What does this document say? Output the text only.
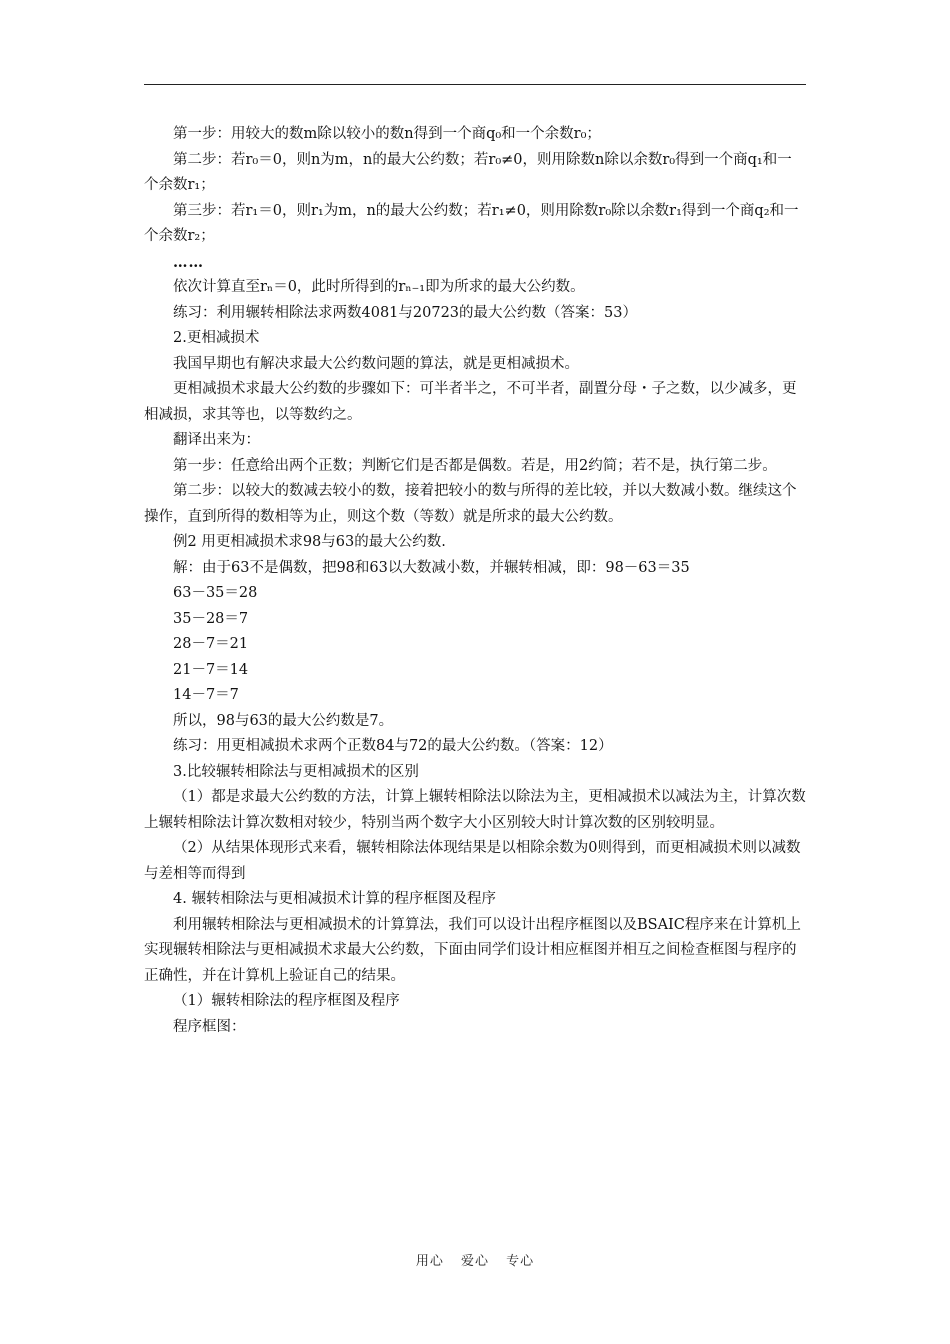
第一步：用较大的数m除以较小的数n得到一个商q₀和一个余数r₀；

第二步：若r₀＝0，则n为m，n的最大公约数；若r₀≠0，则用除数n除以余数r₀得到一个商q₁和一个余数r₁；

第三步：若r₁＝0，则r₁为m，n的最大公约数；若r₁≠0，则用除数r₀除以余数r₁得到一个商q₂和一个余数r₂；

……

依次计算直至rₙ＝0，此时所得到的rₙ₋₁即为所求的最大公约数。

练习：利用辗转相除法求两数4081与20723的最大公约数（答案：53）

2.更相减损术

我国早期也有解决求最大公约数问题的算法，就是更相减损术。

更相减损术求最大公约数的步骤如下：可半者半之，不可半者，副置分母・子之数，以少减多，更相减损，求其等也，以等数约之。

翻译出来为：

第一步：任意给出两个正数；判断它们是否都是偶数。若是，用2约简；若不是，执行第二步。

第二步：以较大的数减去较小的数，接着把较小的数与所得的差比较，并以大数减小数。继续这个操作，直到所得的数相等为止，则这个数（等数）就是所求的最大公约数。

例2 用更相减损术求98与63的最大公约数.

解：由于63不是偶数，把98和63以大数减小数，并辗转相减，即：98－63＝35

63－35＝28

35－28＝7

28－7＝21

21－7＝14

14－7＝7

所以，98与63的最大公约数是7。

练习：用更相减损术求两个正数84与72的最大公约数。（答案：12）

3.比较辗转相除法与更相减损术的区别

（1）都是求最大公约数的方法，计算上辗转相除法以除法为主，更相减损术以减法为主，计算次数上辗转相除法计算次数相对较少，特别当两个数字大小区别较大时计算次数的区别较明显。

（2）从结果体现形式来看，辗转相除法体现结果是以相除余数为0则得到，而更相减损术则以减数与差相等而得到

4. 辗转相除法与更相减损术计算的程序框图及程序

利用辗转相除法与更相减损术的计算算法，我们可以设计出程序框图以及BSAIC程序来在计算机上实现辗转相除法与更相减损术求最大公约数，下面由同学们设计相应框图并相互之间检查框图与程序的正确性，并在计算机上验证自己的结果。

（1）辗转相除法的程序框图及程序

程序框图：

用心 爱心 专心
